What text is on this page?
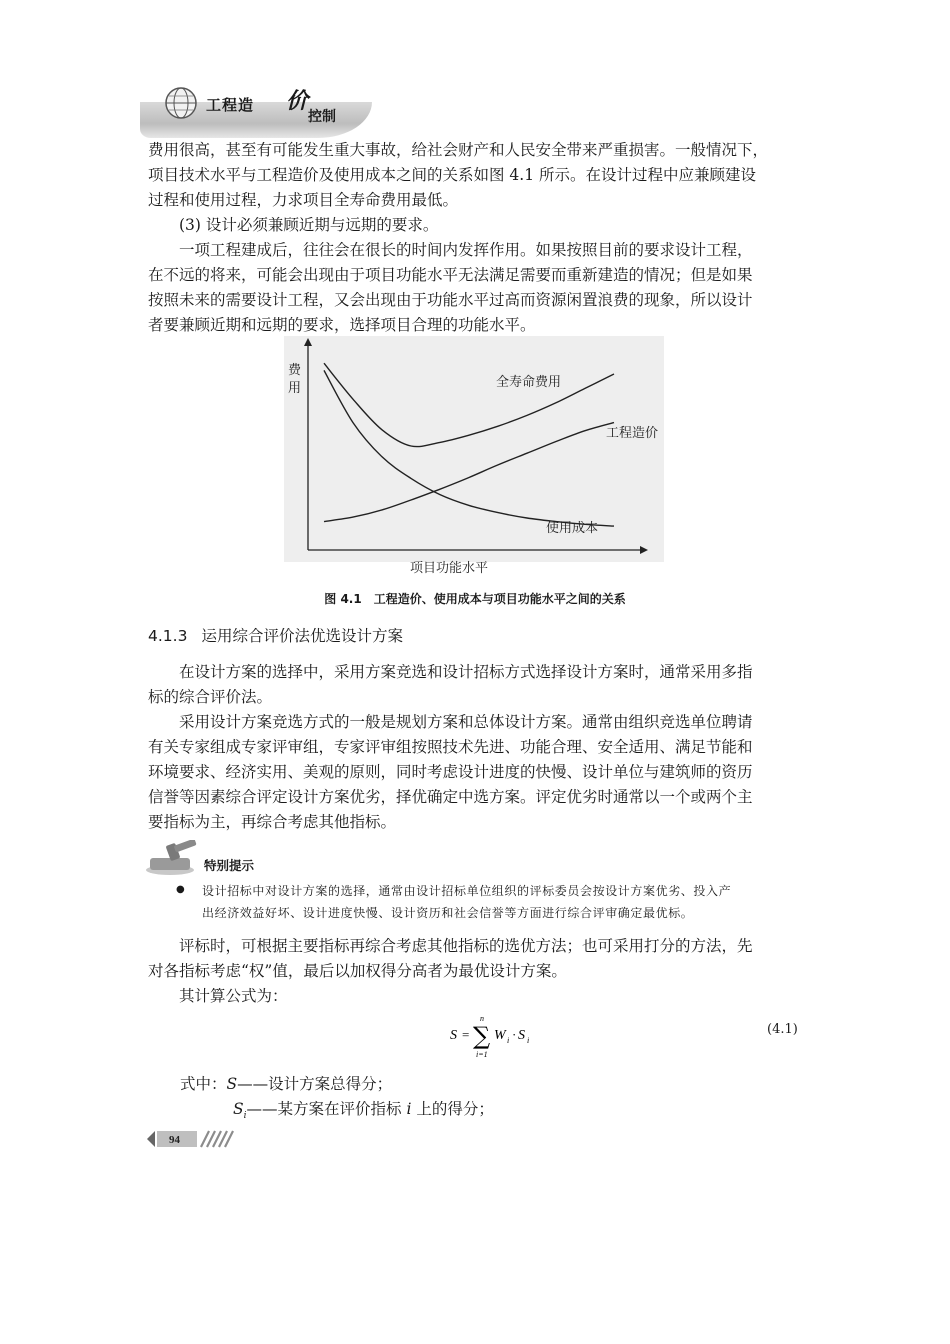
工程造 价
控制
费用很高，甚至有可能发生重大事故，给社会财产和人民安全带来严重损害。一般情况下，
项目技术水平与工程造价及使用成本之间的关系如图 4.1 所示。在设计过程中应兼顾建设
过程和使用过程，力求项目全寿命费用最低。
(3) 设计必须兼顾近期与远期的要求。
一项工程建成后，往往会在很长的时间内发挥作用。如果按照目前的要求设计工程，
在不远的将来，可能会出现由于项目功能水平无法满足需要而重新建造的情况；但是如果
按照未来的需要设计工程，又会出现由于功能水平过高而资源闲置浪费的现象，所以设计
者要兼顾近期和远期的要求，选择项目合理的功能水平。
费
用
项目功能水平
全寿命费用
工程造价
使用成本
图 4.1 工程造价、使用成本与项目功能水平之间的关系
4.1.3 运用综合评价法优选设计方案
在设计方案的选择中，采用方案竞选和设计招标方式选择设计方案时，通常采用多指
标的综合评价法。
采用设计方案竞选方式的一般是规划方案和总体设计方案。通常由组织竞选单位聘请
有关专家组成专家评审组，专家评审组按照技术先进、功能合理、安全适用、满足节能和
环境要求、经济实用、美观的原则，同时考虑设计进度的快慢、设计单位与建筑师的资历
信誉等因素综合评定设计方案优劣，择优确定中选方案。评定优劣时通常以一个或两个主
要指标为主，再综合考虑其他指标。
特别提示
● 设计招标中对设计方案的选择，通常由设计招标单位组织的评标委员会按设计方案优劣、投入产
出经济效益好坏、设计进度快慢、设计资历和社会信誉等方面进行综合评审确定最优标。
评标时，可根据主要指标再综合考虑其他指标的选优方法；也可采用打分的方法，先
对各指标考虑“权”值，最后以加权得分高者为最优设计方案。
其计算公式为：
S =
n
∑
i=1
W i · S i
(4.1)
式中：S——设计方案总得分；
$S_i——$某方案在评价指标 i 上的得分；
94
